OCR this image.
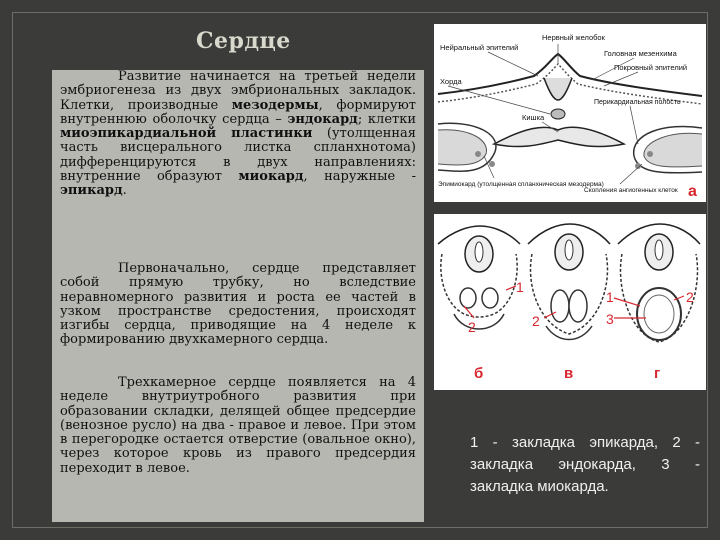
Сердце

Развитие начинается на третьей недели эмбриогенеза из двух эмбриональных закладок. Клетки, производные мезодермы, формируют внутреннюю оболочку сердца – эндокард; клетки миоэпикардиальной пластинки (утолщенная часть висцерального листка спланхнотома) дифференцируются в двух направлениях: внутренние образуют миокард, наружные - эпикард.

Первоначально, сердце представляет собой прямую трубку, но вследствие неравномерного развития и роста ее частей в узком пространстве средостения, происходят изгибы сердца, приводящие на 4 неделе к формированию двухкамерного сердца.

Трехкамерное сердце появляется на 4 неделе внутриутробного развития при образовании складки, делящей общее предсердие (венозное русло) на два - правое и левое. При этом в перегородке остается отверстие (овальное окно), через которое кровь из правого предсердия переходит в левое.

Нервный желобок
Нейральный эпителий
Головная мезенхима
Покровный эпителий
Хорда
Перикардиальная полость
Кишка
Эпимиокард (утолщенная спланхническая мезодерма)
Скопления ангиогенных клеток а
1
2	2
1
3
2
б	в	г

1 - закладка эпикарда, 2 - закладка эндокарда, 3 - закладка миокарда.
